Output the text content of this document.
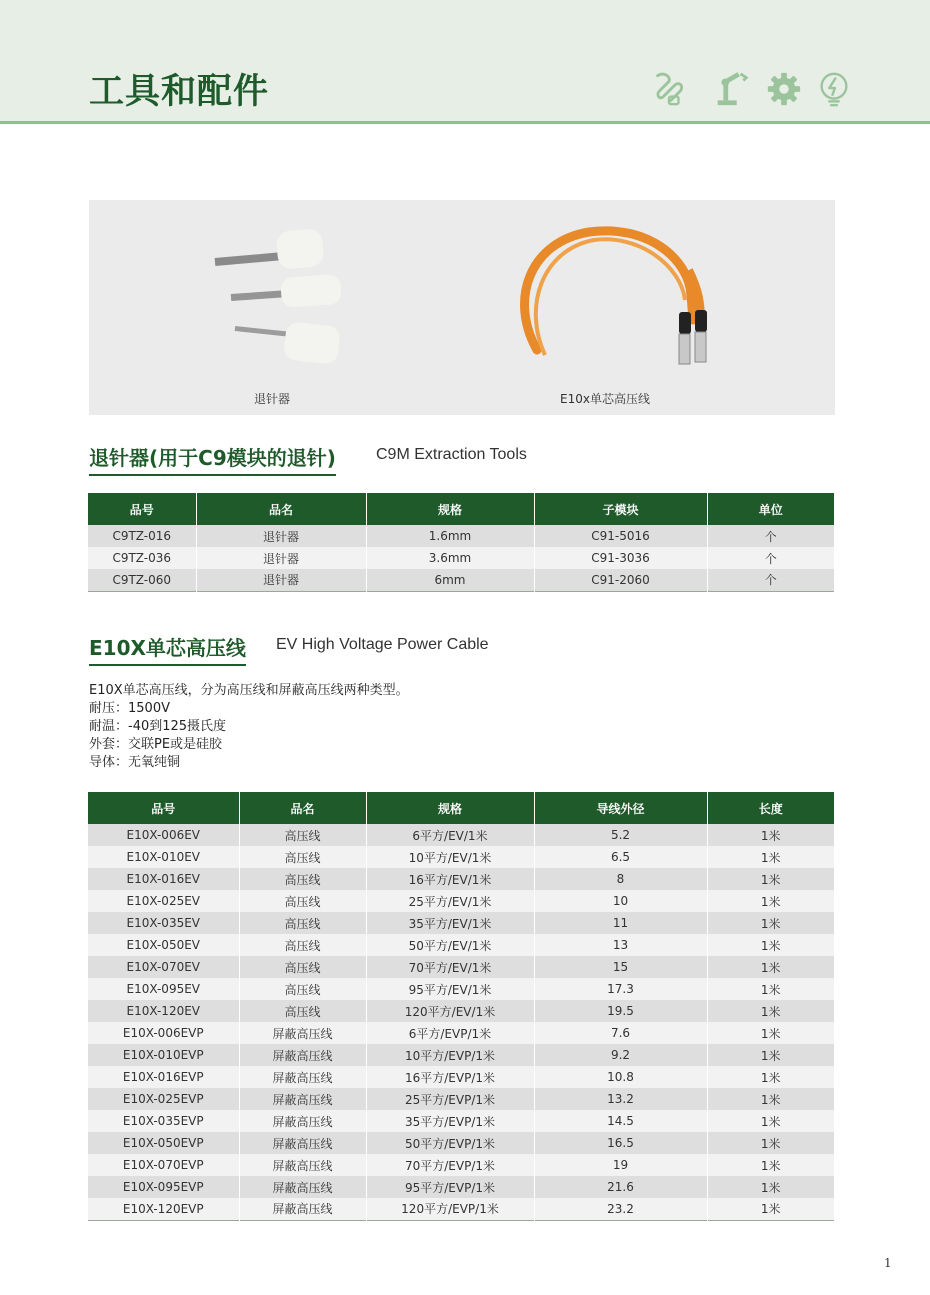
工具和配件
退针器	E10x单芯高压线
退针器(用于C9模块的退针)	C9M Extraction Tools
品号	品名	规格	子模块	单位
C9TZ-016	退针器	1.6mm	C91-5016	个
C9TZ-036	退针器	3.6mm	C91-3036	个
C9TZ-060	退针器	6mm	C91-2060	个
E10X单芯高压线 EV High Voltage Power Cable
E10X单芯高压线，分为高压线和屏蔽高压线两种类型。
耐压：1500V
耐温：-40到125摄氏度
外套：交联PE或是硅胶
导体：无氧纯铜
品号	品名	规格	导线外径	长度
E10X-006EV	高压线	6平方/EV/1米	5.2	1米
E10X-010EV	高压线	10平方/EV/1米	6.5	1米
E10X-016EV	高压线	16平方/EV/1米	8	1米
E10X-025EV	高压线	25平方/EV/1米	10	1米
E10X-035EV	高压线	35平方/EV/1米	11	1米
E10X-050EV	高压线	50平方/EV/1米	13	1米
E10X-070EV	高压线	70平方/EV/1米	15	1米
E10X-095EV	高压线	95平方/EV/1米	17.3	1米
E10X-120EV	高压线	120平方/EV/1米	19.5	1米
E10X-006EVP	屏蔽高压线	6平方/EVP/1米	7.6	1米
E10X-010EVP	屏蔽高压线	10平方/EVP/1米	9.2	1米
E10X-016EVP	屏蔽高压线	16平方/EVP/1米	10.8	1米
E10X-025EVP	屏蔽高压线	25平方/EVP/1米	13.2	1米
E10X-035EVP	屏蔽高压线	35平方/EVP/1米	14.5	1米
E10X-050EVP	屏蔽高压线	50平方/EVP/1米	16.5	1米
E10X-070EVP	屏蔽高压线	70平方/EVP/1米	19	1米
E10X-095EVP	屏蔽高压线	95平方/EVP/1米	21.6	1米
E10X-120EVP	屏蔽高压线	120平方/EVP/1米	23.2	1米
1
